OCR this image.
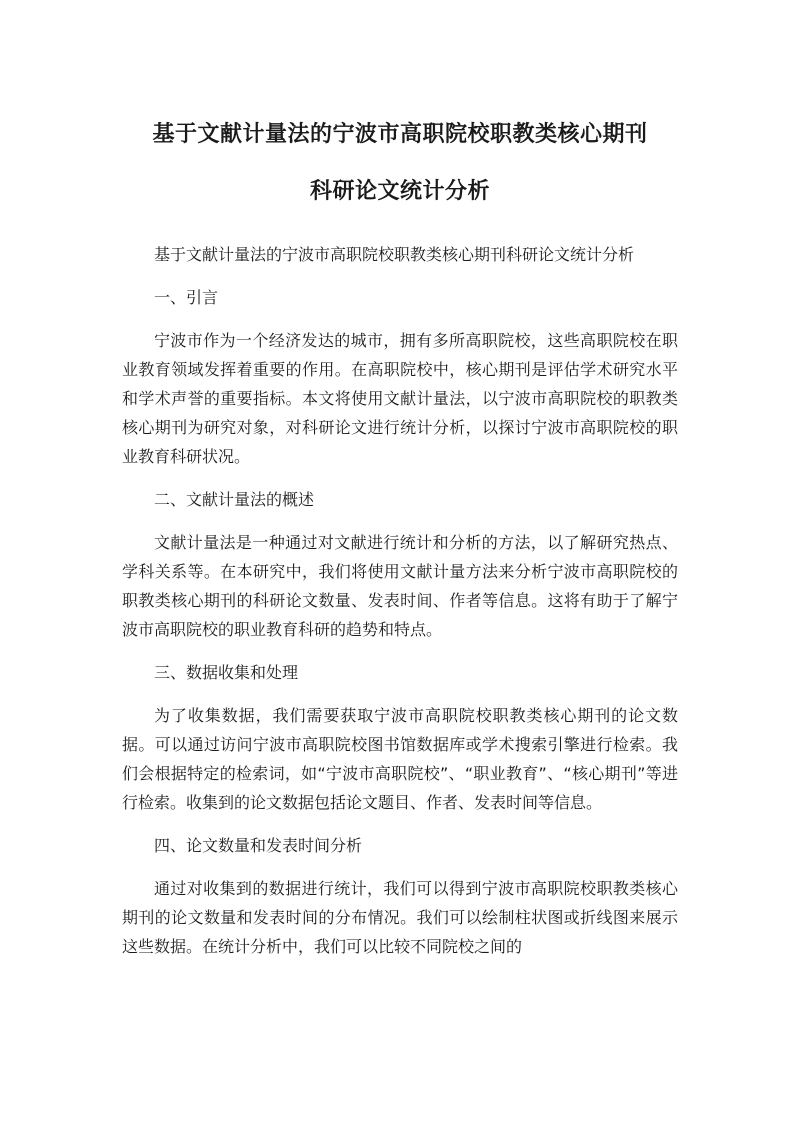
基于文献计量法的宁波市高职院校职教类核心期刊
科研论文统计分析

基于文献计量法的宁波市高职院校职教类核心期刊科研论文统计分析

一、引言

宁波市作为一个经济发达的城市，拥有多所高职院校，这些高职院校在职业教育领域发挥着重要的作用。在高职院校中，核心期刊是评估学术研究水平和学术声誉的重要指标。本文将使用文献计量法，以宁波市高职院校的职教类核心期刊为研究对象，对科研论文进行统计分析，以探讨宁波市高职院校的职业教育科研状况。

二、文献计量法的概述

文献计量法是一种通过对文献进行统计和分析的方法，以了解研究热点、学科关系等。在本研究中，我们将使用文献计量方法来分析宁波市高职院校的职教类核心期刊的科研论文数量、发表时间、作者等信息。这将有助于了解宁波市高职院校的职业教育科研的趋势和特点。

三、数据收集和处理

为了收集数据，我们需要获取宁波市高职院校职教类核心期刊的论文数据。可以通过访问宁波市高职院校图书馆数据库或学术搜索引擎进行检索。我们会根据特定的检索词，如“宁波市高职院校”、“职业教育”、“核心期刊”等进行检索。收集到的论文数据包括论文题目、作者、发表时间等信息。

四、论文数量和发表时间分析

通过对收集到的数据进行统计，我们可以得到宁波市高职院校职教类核心期刊的论文数量和发表时间的分布情况。我们可以绘制柱状图或折线图来展示这些数据。在统计分析中，我们可以比较不同院校之间的
